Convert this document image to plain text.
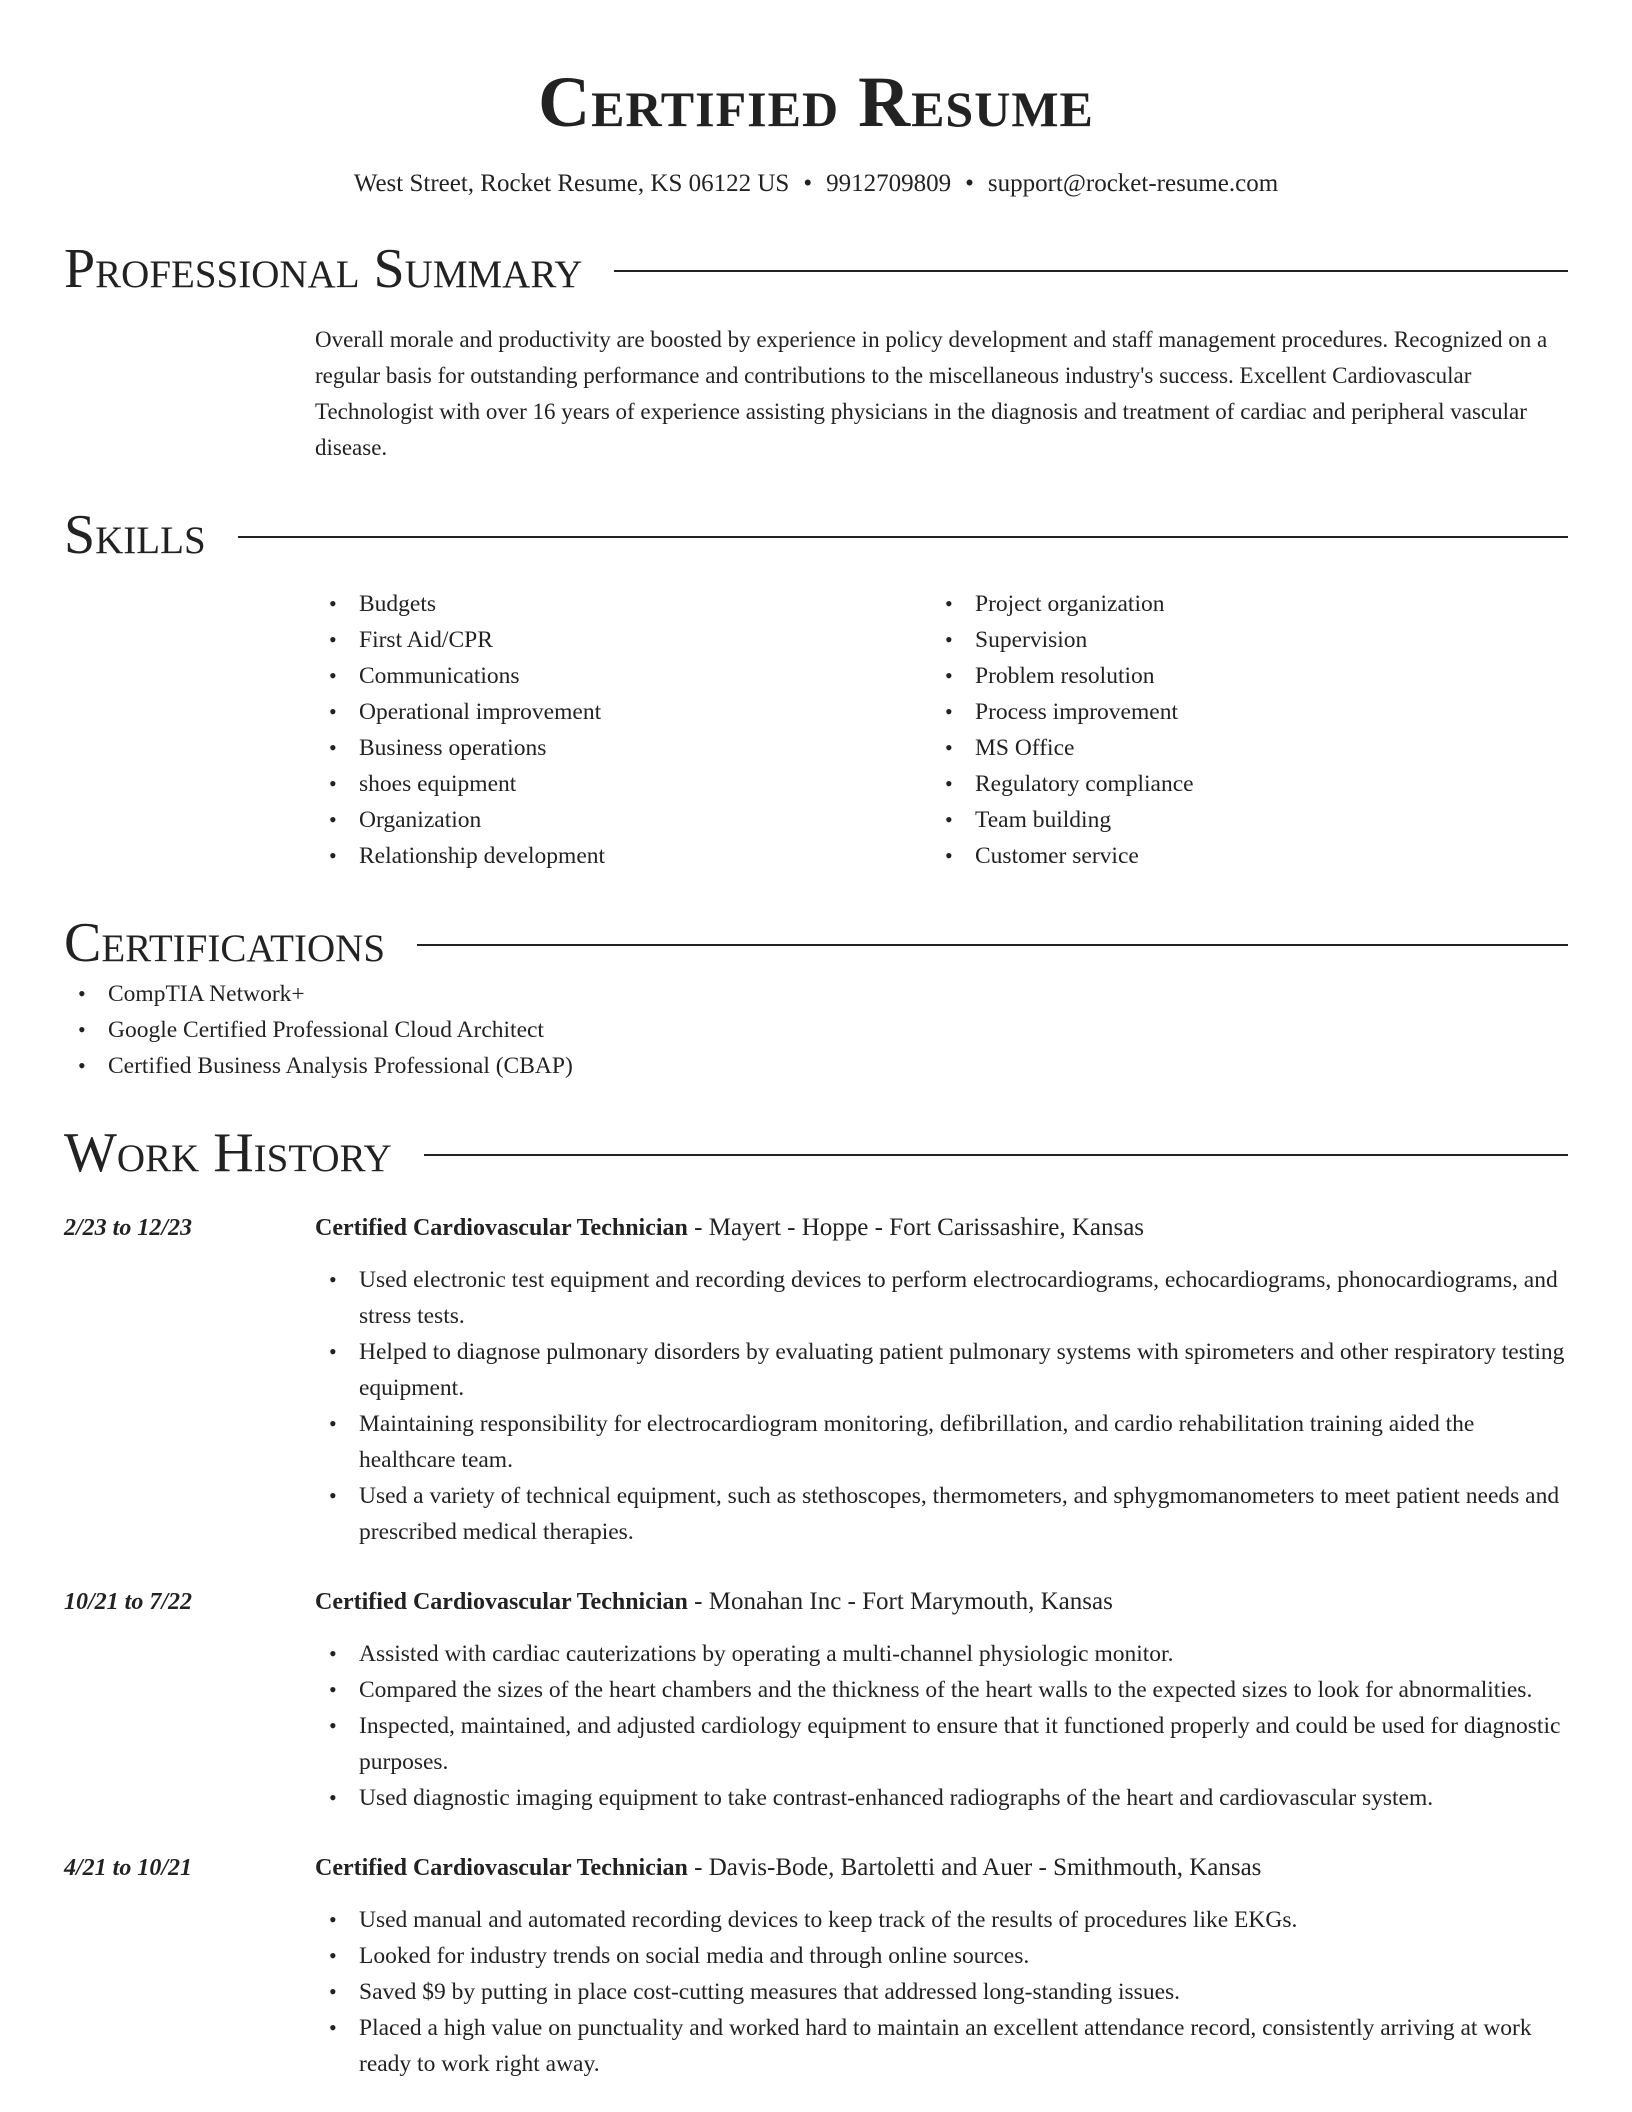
Certified Resume
West Street, Rocket Resume, KS 06122 US • 9912709809 • support@rocket-resume.com
Professional Summary
Overall morale and productivity are boosted by experience in policy development and staff management procedures. Recognized on a regular basis for outstanding performance and contributions to the miscellaneous industry's success. Excellent Cardiovascular Technologist with over 16 years of experience assisting physicians in the diagnosis and treatment of cardiac and peripheral vascular disease.
Skills
• Budgets
• First Aid/CPR
• Communications
• Operational improvement
• Business operations
• shoes equipment
• Organization
• Relationship development
• Project organization
• Supervision
• Problem resolution
• Process improvement
• MS Office
• Regulatory compliance
• Team building
• Customer service
Certifications
• CompTIA Network+
• Google Certified Professional Cloud Architect
• Certified Business Analysis Professional (CBAP)
Work History
2/23 to 12/23	Certified Cardiovascular Technician - Mayert - Hoppe - Fort Carissashire, Kansas
• Used electronic test equipment and recording devices to perform electrocardiograms, echocardiograms, phonocardiograms, and stress tests.
• Helped to diagnose pulmonary disorders by evaluating patient pulmonary systems with spirometers and other respiratory testing equipment.
• Maintaining responsibility for electrocardiogram monitoring, defibrillation, and cardio rehabilitation training aided the healthcare team.
• Used a variety of technical equipment, such as stethoscopes, thermometers, and sphygmomanometers to meet patient needs and prescribed medical therapies.
10/21 to 7/22	Certified Cardiovascular Technician - Monahan Inc - Fort Marymouth, Kansas
• Assisted with cardiac cauterizations by operating a multi-channel physiologic monitor.
• Compared the sizes of the heart chambers and the thickness of the heart walls to the expected sizes to look for abnormalities.
• Inspected, maintained, and adjusted cardiology equipment to ensure that it functioned properly and could be used for diagnostic purposes.
• Used diagnostic imaging equipment to take contrast-enhanced radiographs of the heart and cardiovascular system.
4/21 to 10/21	Certified Cardiovascular Technician - Davis-Bode, Bartoletti and Auer - Smithmouth, Kansas
• Used manual and automated recording devices to keep track of the results of procedures like EKGs.
• Looked for industry trends on social media and through online sources.
• Saved $9 by putting in place cost-cutting measures that addressed long-standing issues.
• Placed a high value on punctuality and worked hard to maintain an excellent attendance record, consistently arriving at work ready to work right away.
